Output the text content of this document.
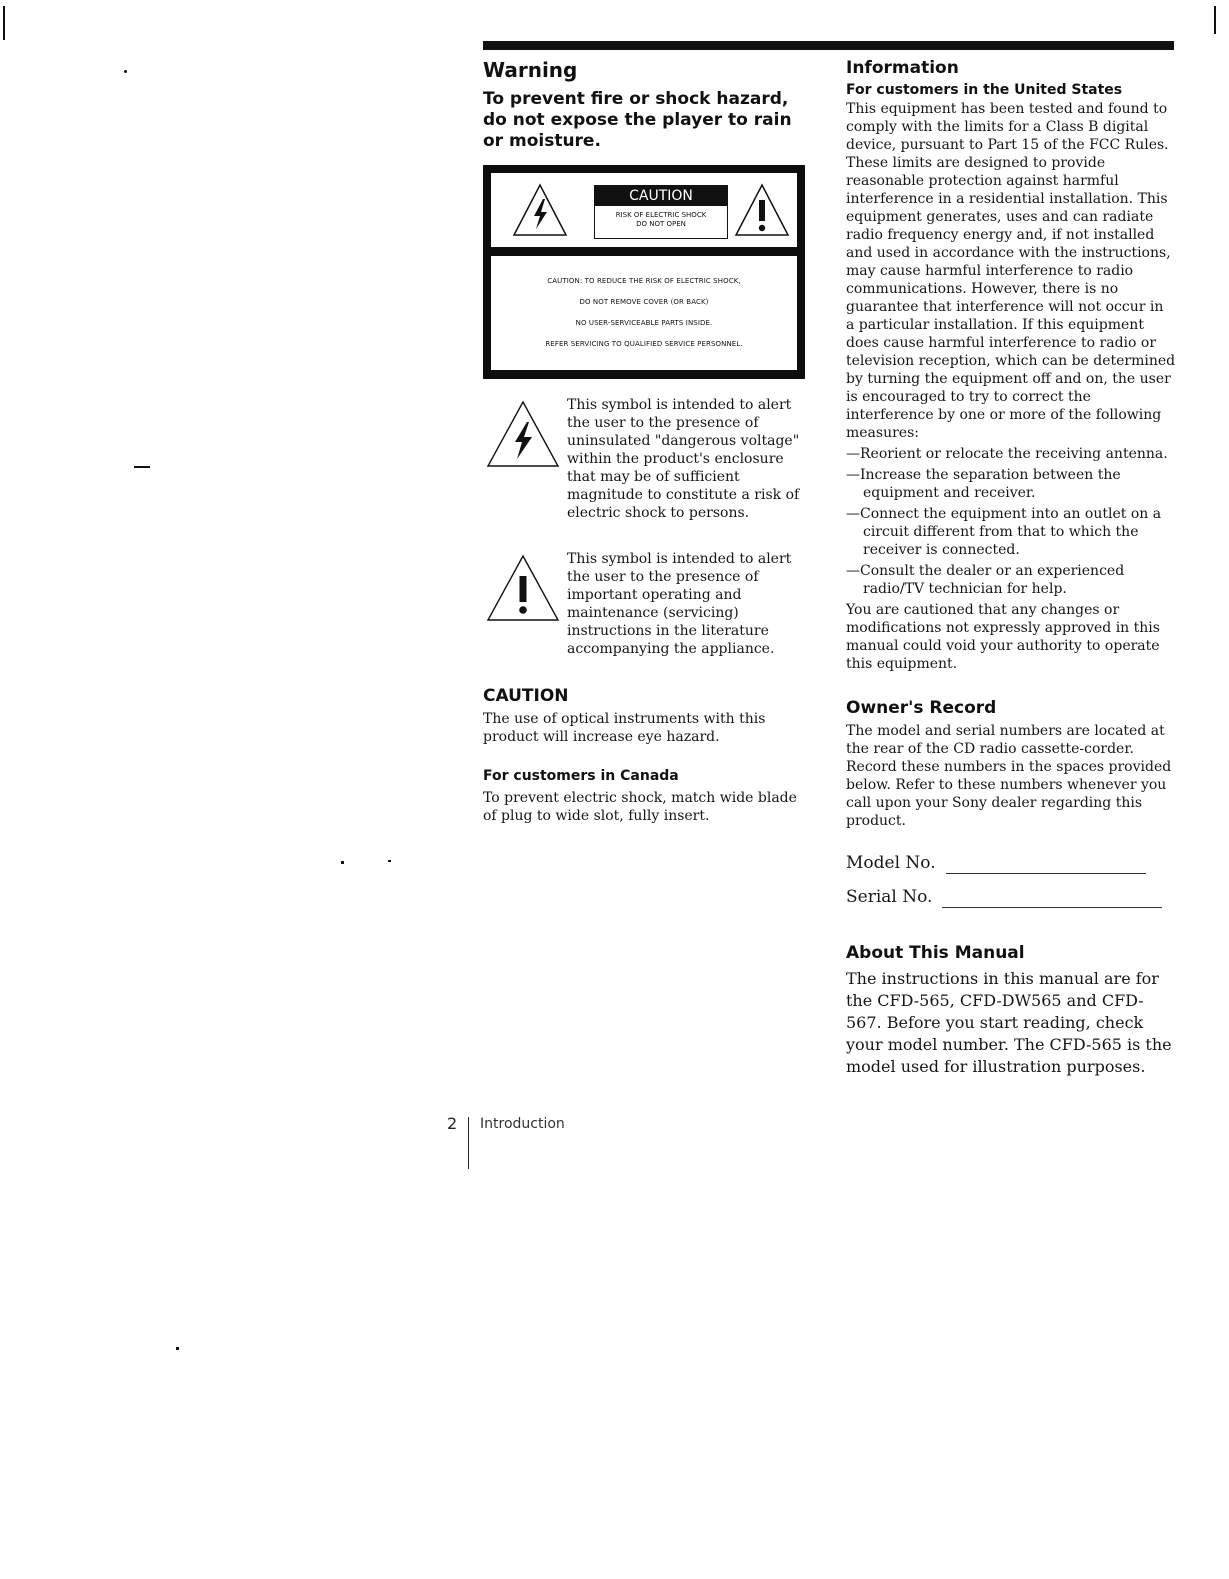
Warning

To prevent fire or shock hazard, do not expose the player to rain or moisture.

CAUTION
RISK OF ELECTRIC SHOCK
DO NOT OPEN
CAUTION: TO REDUCE THE RISK OF ELECTRIC SHOCK,
DO NOT REMOVE COVER (OR BACK)
NO USER-SERVICEABLE PARTS INSIDE.
REFER SERVICING TO QUALIFIED SERVICE PERSONNEL.

This symbol is intended to alert the user to the presence of uninsulated "dangerous voltage" within the product's enclosure that may be of sufficient magnitude to constitute a risk of electric shock to persons.

This symbol is intended to alert the user to the presence of important operating and maintenance (servicing) instructions in the literature accompanying the appliance.

CAUTION

The use of optical instruments with this product will increase eye hazard.

For customers in Canada

To prevent electric shock, match wide blade of plug to wide slot, fully insert.

Information
For customers in the United States

This equipment has been tested and found to comply with the limits for a Class B digital device, pursuant to Part 15 of the FCC Rules. These limits are designed to provide reasonable protection against harmful interference in a residential installation. This equipment generates, uses and can radiate radio frequency energy and, if not installed and used in accordance with the instructions, may cause harmful interference to radio communications. However, there is no guarantee that interference will not occur in a particular installation. If this equipment does cause harmful interference to radio or television reception, which can be determined by turning the equipment off and on, the user is encouraged to try to correct the interference by one or more of the following measures:

—Reorient or relocate the receiving antenna.

—Increase the separation between the equipment and receiver.

—Connect the equipment into an outlet on a circuit different from that to which the receiver is connected.

—Consult the dealer or an experienced radio/TV technician for help.

You are cautioned that any changes or modifications not expressly approved in this manual could void your authority to operate this equipment.

Owner's Record

The model and serial numbers are located at the rear of the CD radio cassette-corder. Record these numbers in the spaces provided below. Refer to these numbers whenever you call upon your Sony dealer regarding this product.

Model No.
Serial No.
About This Manual

The instructions in this manual are for the CFD-565, CFD-DW565 and CFD-567. Before you start reading, check your model number. The CFD-565 is the model used for illustration purposes.

2 Introduction
